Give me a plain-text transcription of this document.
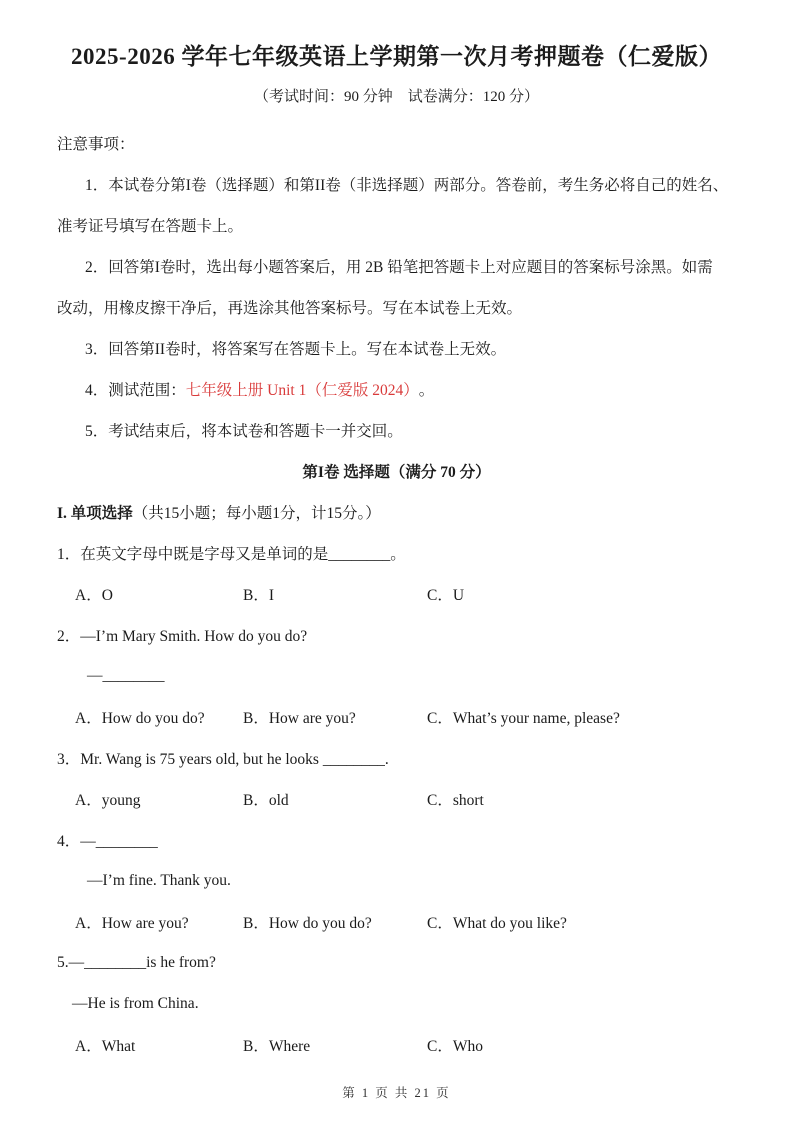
2025-2026 学年七年级英语上学期第一次月考押题卷（仁爱版）
（考试时间：90 分钟　试卷满分：120 分）
注意事项：
1．本试卷分第I卷（选择题）和第II卷（非选择题）两部分。答卷前，考生务必将自己的姓名、
准考证号填写在答题卡上。
2．回答第I卷时，选出每小题答案后，用 2B 铅笔把答题卡上对应题目的答案标号涂黑。如需
改动，用橡皮擦干净后，再选涂其他答案标号。写在本试卷上无效。
3．回答第II卷时，将答案写在答题卡上。写在本试卷上无效。
4．测试范围： 七年级上册 Unit 1（仁爱版 2024） 。
5．考试结束后，将本试卷和答题卡一并交回。
第I卷 选择题（满分 70 分）
I. 单项选择 （共15小题；每小题1分，计15分。）
1．在英文字母中既是字母又是单词的是________。
A．O	B．I	C．U
2．—I’m Mary Smith. How do you do?
—________
A．How do you do? B．How are you?	C．What’s your name, please?
3．Mr. Wang is 75 years old, but he looks ________.
A．young	B．old	C．short
4．—________
—I’m fine. Thank you.
A．How are you?	B．How do you do?	C．What do you like?
5.—________is he from?
—He is from China.
A．What	B．Where	C．Who
第 1 页 共 21 页
